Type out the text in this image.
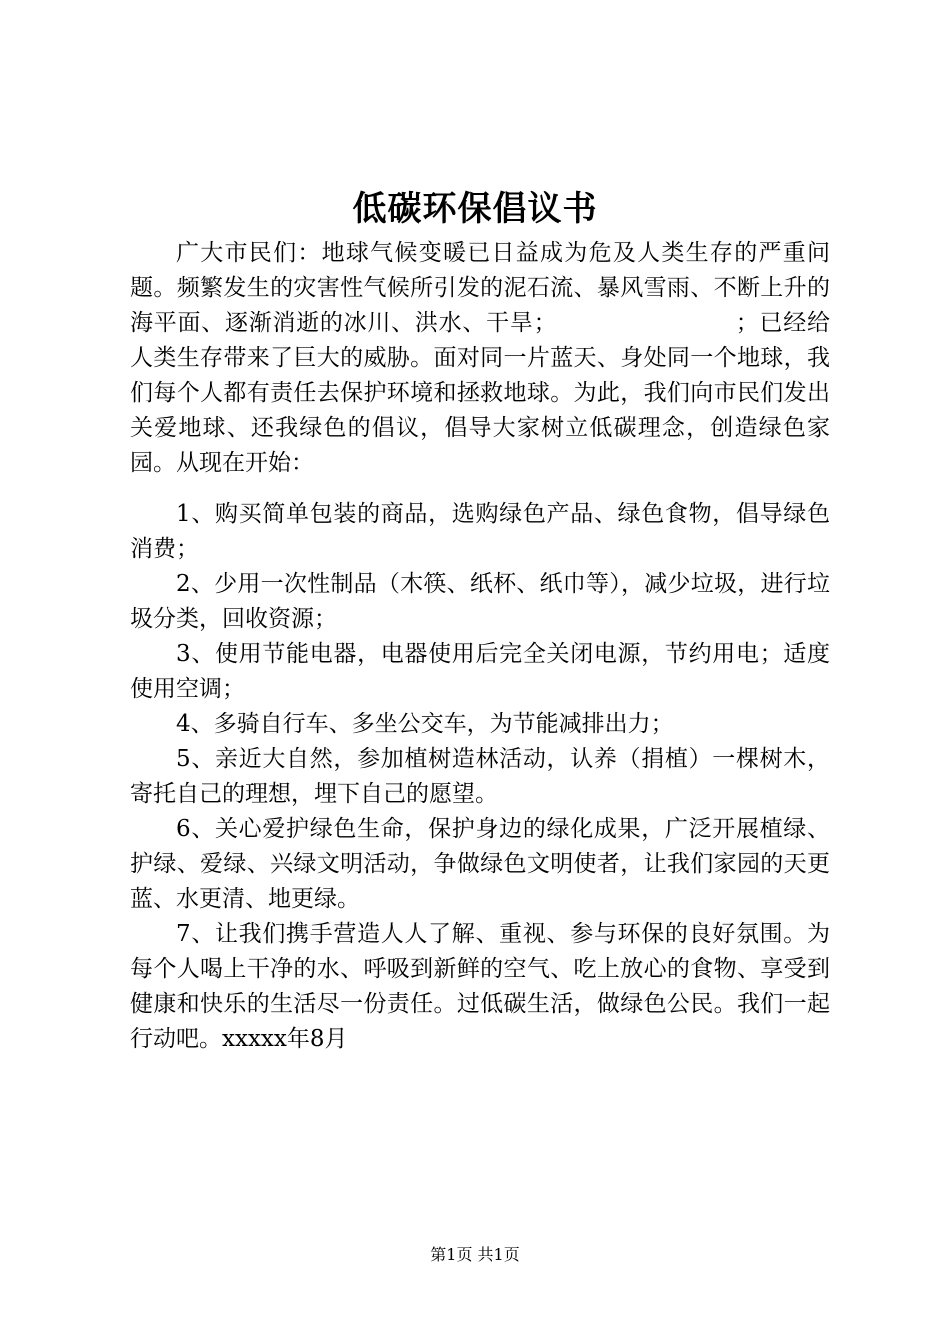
低碳环保倡议书

广大市民们：地球气候变暖已日益成为危及人类生存的严重问题。频繁发生的灾害性气候所引发的泥石流、暴风雪雨、不断上升的海平面、逐渐消逝的冰川、洪水、干旱；　　　　　　　　；已经给人类生存带来了巨大的威胁。面对同一片蓝天、身处同一个地球，我们每个人都有责任去保护环境和拯救地球。为此，我们向市民们发出关爱地球、还我绿色的倡议，倡导大家树立低碳理念，创造绿色家园。从现在开始：

1、购买简单包装的商品，选购绿色产品、绿色食物，倡导绿色消费；

2、少用一次性制品（木筷、纸杯、纸巾等），减少垃圾，进行垃圾分类，回收资源；

3、使用节能电器，电器使用后完全关闭电源，节约用电；适度使用空调；

4、多骑自行车、多坐公交车，为节能减排出力；

5、亲近大自然，参加植树造林活动，认养（捐植）一棵树木，寄托自己的理想，埋下自己的愿望。

6、关心爱护绿色生命，保护身边的绿化成果，广泛开展植绿、护绿、爱绿、兴绿文明活动，争做绿色文明使者，让我们家园的天更蓝、水更清、地更绿。

7、让我们携手营造人人了解、重视、参与环保的良好氛围。为每个人喝上干净的水、呼吸到新鲜的空气、吃上放心的食物、享受到健康和快乐的生活尽一份责任。过低碳生活，做绿色公民。我们一起行动吧。xxxxx年8月

第1页 共1页
